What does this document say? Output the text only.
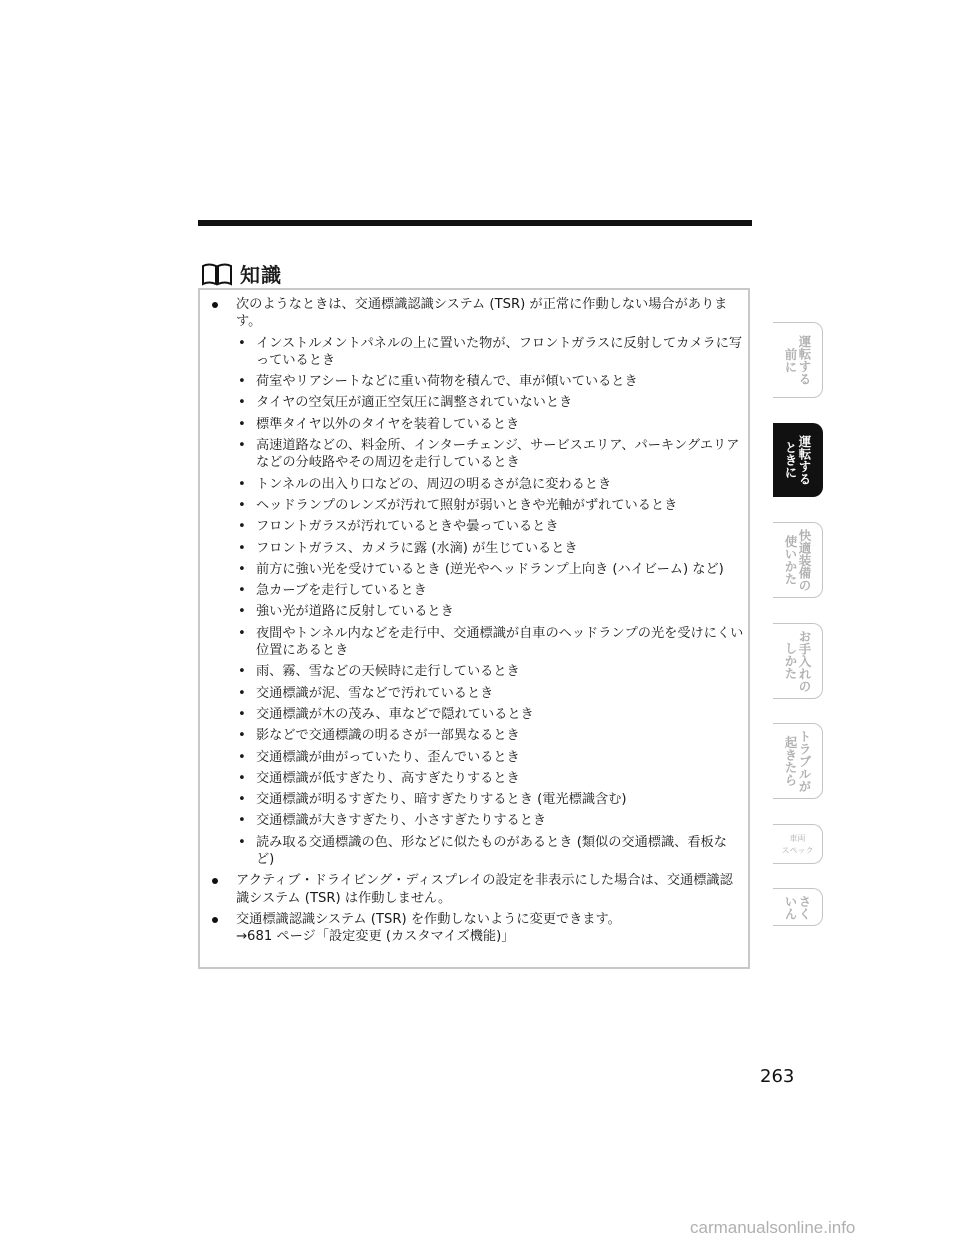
知識
次のようなときは、交通標識認識システム (TSR) が正常に作動しない場合があります。
• インストルメントパネルの上に置いた物が、フロントガラスに反射してカメラに写っているとき
• 荷室やリアシートなどに重い荷物を積んで、車が傾いているとき
• タイヤの空気圧が適正空気圧に調整されていないとき
• 標準タイヤ以外のタイヤを装着しているとき
• 高速道路などの、料金所、インターチェンジ、サービスエリア、パーキングエリアなどの分岐路やその周辺を走行しているとき
• トンネルの出入り口などの、周辺の明るさが急に変わるとき
• ヘッドランプのレンズが汚れて照射が弱いときや光軸がずれているとき
• フロントガラスが汚れているときや曇っているとき
• フロントガラス、カメラに露 (水滴) が生じているとき
• 前方に強い光を受けているとき (逆光やヘッドランプ上向き (ハイビーム) など)
• 急カーブを走行しているとき
• 強い光が道路に反射しているとき
• 夜間やトンネル内などを走行中、交通標識が自車のヘッドランプの光を受けにくい位置にあるとき
• 雨、霧、雪などの天候時に走行しているとき
• 交通標識が泥、雪などで汚れているとき
• 交通標識が木の茂み、車などで隠れているとき
• 影などで交通標識の明るさが一部異なるとき
• 交通標識が曲がっていたり、歪んでいるとき
• 交通標識が低すぎたり、高すぎたりするとき
• 交通標識が明るすぎたり、暗すぎたりするとき (電光標識含む)
• 交通標識が大きすぎたり、小さすぎたりするとき
• 読み取る交通標識の色、形などに似たものがあるとき (類似の交通標識、看板など)
アクティブ・ドライビング・ディスプレイの設定を非表示にした場合は、交通標識認識システム (TSR) は作動しません。
交通標識認識システム (TSR) を作動しないように変更できます。
→681 ページ「設定変更 (カスタマイズ機能)」
運転する
前に
運転する
ときに
快適装備の
使いかた
お手入れの
しかた
トラブルが
起きたら
車両
スペック
さく
いん
263
carmanualsonline.info
